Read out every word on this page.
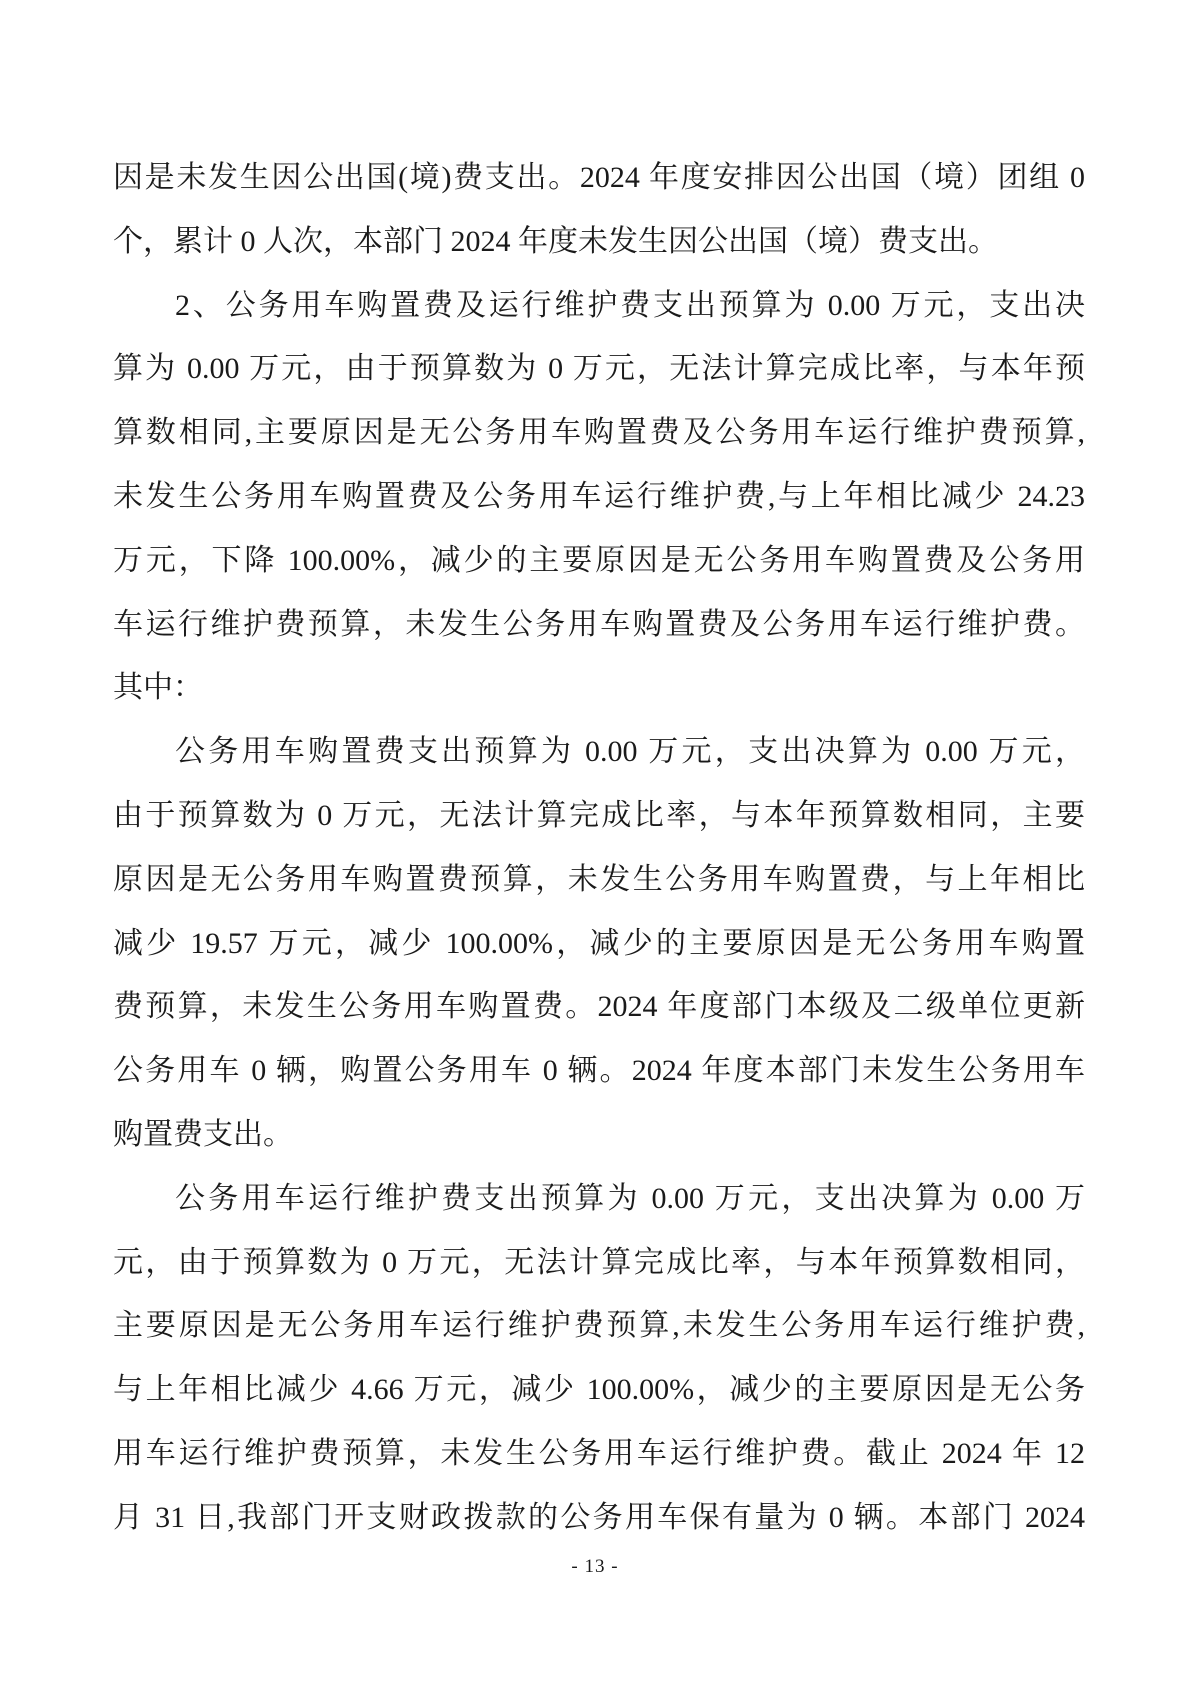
因是未发生因公出国(境)费支出。2024 年度安排因公出国（境）团组 0
个，累计 0 人次，本部门 2024 年度未发生因公出国（境）费支出。
2、公务用车购置费及运行维护费支出预算为 0.00 万元，支出决
算为 0.00 万元，由于预算数为 0 万元，无法计算完成比率，与本年预
算数相同,主要原因是无公务用车购置费及公务用车运行维护费预算,
未发生公务用车购置费及公务用车运行维护费,与上年相比减少 24.23
万元，下降 100.00%，减少的主要原因是无公务用车购置费及公务用
车运行维护费预算，未发生公务用车购置费及公务用车运行维护费。
其中：
公务用车购置费支出预算为 0.00 万元，支出决算为 0.00 万元，
由于预算数为 0 万元，无法计算完成比率，与本年预算数相同，主要
原因是无公务用车购置费预算，未发生公务用车购置费，与上年相比
减少 19.57 万元，减少 100.00%，减少的主要原因是无公务用车购置
费预算，未发生公务用车购置费。2024 年度部门本级及二级单位更新
公务用车 0 辆，购置公务用车 0 辆。2024 年度本部门未发生公务用车
购置费支出。
公务用车运行维护费支出预算为 0.00 万元，支出决算为 0.00 万
元，由于预算数为 0 万元，无法计算完成比率，与本年预算数相同，
主要原因是无公务用车运行维护费预算,未发生公务用车运行维护费,
与上年相比减少 4.66 万元，减少 100.00%，减少的主要原因是无公务
用车运行维护费预算，未发生公务用车运行维护费。截止 2024 年 12
月 31 日,我部门开支财政拨款的公务用车保有量为 0 辆。本部门 2024
- 13 -
